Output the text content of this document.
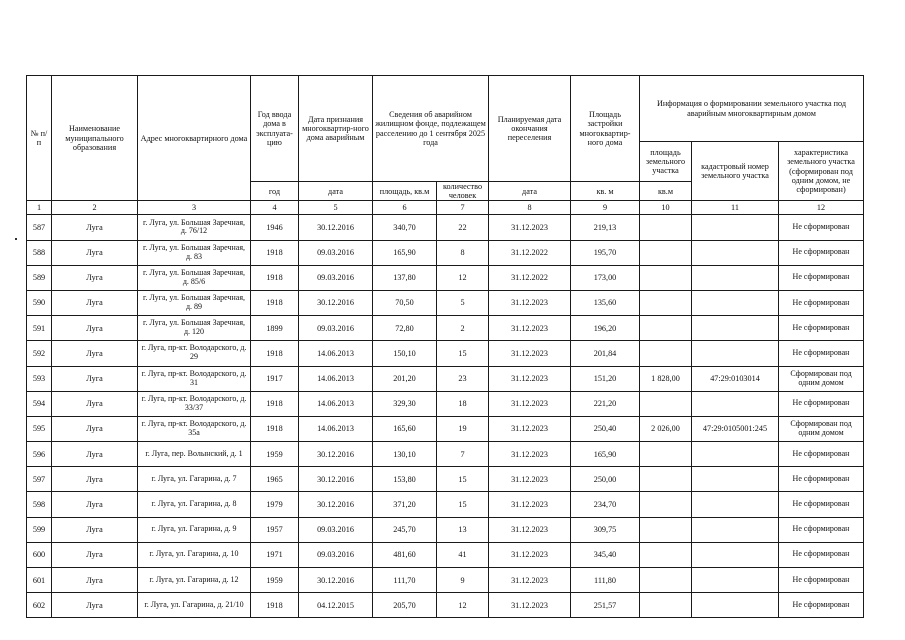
№ п/п	Наименование муниципального образования	Адрес многоквартирного дома	Год ввода дома в эксплуата-цию	Дата признания многоквартир-ного дома аварийным	Сведения об аварийном жилищном фонде, подлежащем расселению до 1 сентября 2025 года		Планируемая дата окончания переселения	Площадь застройки многоквартир-ного дома	Информация о формировании земельного участка под аварийным многоквартирным домом		
									площадь земельного участка	кадастровый номер земельного участка	характеристика земельного участка (сформирован под одним домом, не сформирован)
			год	дата	площадь, кв.м	количество человек	дата	кв. м	кв.м		
1	2	3	4	5	6	7	8	9	10	11	12
587	Луга	г. Луга, ул. Большая Заречная, д. 76/12	1946	30.12.2016	340,70	22	31.12.2023	219,13			Не сформирован
588	Луга	г. Луга, ул. Большая Заречная, д. 83	1918	09.03.2016	165,90	8	31.12.2022	195,70			Не сформирован
589	Луга	г. Луга, ул. Большая Заречная, д. 85/6	1918	09.03.2016	137,80	12	31.12.2022	173,00			Не сформирован
590	Луга	г. Луга, ул. Большая Заречная, д. 89	1918	30.12.2016	70,50	5	31.12.2023	135,60			Не сформирован
591	Луга	г. Луга, ул. Большая Заречная, д. 120	1899	09.03.2016	72,80	2	31.12.2023	196,20			Не сформирован
592	Луга	г. Луга, пр-кт. Володарского, д. 29	1918	14.06.2013	150,10	15	31.12.2023	201,84			Не сформирован
593	Луга	г. Луга, пр-кт. Володарского, д. 31	1917	14.06.2013	201,20	23	31.12.2023	151,20	1 828,00	47:29:0103014	Сформирован под одним домом
594	Луга	г. Луга, пр-кт. Володарского, д. 33/37	1918	14.06.2013	329,30	18	31.12.2023	221,20			Не сформирован
595	Луга	г. Луга, пр-кт. Володарского, д. 35а	1918	14.06.2013	165,60	19	31.12.2023	250,40	2 026,00	47:29:0105001:245	Сформирован под одним домом
596	Луга	г. Луга, пер. Волынский, д. 1	1959	30.12.2016	130,10	7	31.12.2023	165,90			Не сформирован
597	Луга	г. Луга, ул. Гагарина, д. 7	1965	30.12.2016	153,80	15	31.12.2023	250,00			Не сформирован
598	Луга	г. Луга, ул. Гагарина, д. 8	1979	30.12.2016	371,20	15	31.12.2023	234,70			Не сформирован
599	Луга	г. Луга, ул. Гагарина, д. 9	1957	09.03.2016	245,70	13	31.12.2023	309,75			Не сформирован
600	Луга	г. Луга, ул. Гагарина, д. 10	1971	09.03.2016	481,60	41	31.12.2023	345,40			Не сформирован
601	Луга	г. Луга, ул. Гагарина, д. 12	1959	30.12.2016	111,70	9	31.12.2023	111,80			Не сформирован
602	Луга	г. Луга, ул. Гагарина, д. 21/10	1918	04.12.2015	205,70	12	31.12.2023	251,57			Не сформирован
